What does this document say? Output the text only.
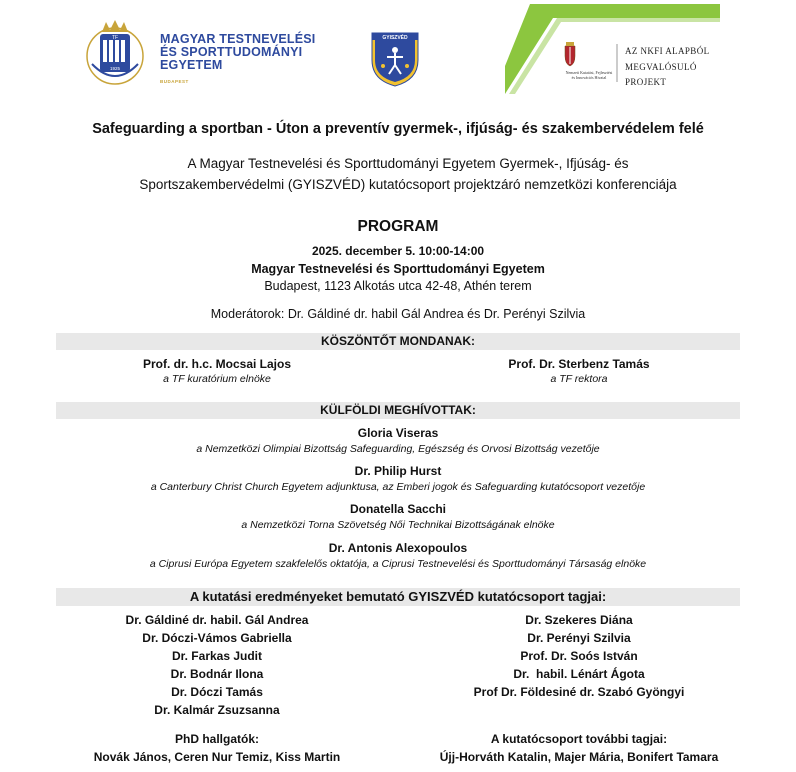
TF
1925
MAGYAR TESTNEVELÉSI
ÉS SPORTTUDOMÁNYI
EGYETEM
BUDAPEST
GYISZVÉD
Nemzeti Kutatási, Fejlesztési
és Innovációs Hivatal
AZ NKFI ALAPBÓL
MEGVALÓSULÓ
PROJEKT
Safeguarding a sportban - Úton a preventív gyermek-, ifjúság- és szakembervédelem felé
A Magyar Testnevelési és Sporttudományi Egyetem Gyermek-, Ifjúság- és
Sportszakembervédelmi (GYISZVÉD) kutatócsoport projektzáró nemzetközi konferenciája
PROGRAM
2025. december 5. 10:00-14:00
Magyar Testnevelési és Sporttudományi Egyetem
Budapest, 1123 Alkotás utca 42-48, Athén terem
Moderátorok: Dr. Gáldiné dr. habil Gál Andrea és Dr. Perényi Szilvia
KÖSZÖNTŐT MONDANAK:
Prof. dr. h.c. Mocsai Lajos
a TF kuratórium elnöke
Prof. Dr. Sterbenz Tamás
a TF rektora
KÜLFÖLDI MEGHÍVOTTAK:
Gloria Viseras
a Nemzetközi Olimpiai Bizottság Safeguarding, Egészség és Orvosi Bizottság vezetője
Dr. Philip Hurst
a Canterbury Christ Church Egyetem adjunktusa, az Emberi jogok és Safeguarding kutatócsoport vezetője
Donatella Sacchi
a Nemzetközi Torna Szövetség Női Technikai Bizottságának elnöke
Dr. Antonis Alexopoulos
a Ciprusi Európa Egyetem szakfelelős oktatója, a Ciprusi Testnevelési és Sporttudományi Társaság elnöke
A kutatási eredményeket bemutató GYISZVÉD kutatócsoport tagjai:
Dr. Gáldiné dr. habil. Gál Andrea
Dr. Dóczi-Vámos Gabriella
Dr. Farkas Judit
Dr. Bodnár Ilona
Dr. Dóczi Tamás
Dr. Kalmár Zsuzsanna
Dr. Szekeres Diána
Dr. Perényi Szilvia
Prof. Dr. Soós István
Dr.  habil. Lénárt Ágota
Prof Dr. Földesiné dr. Szabó Gyöngyi
PhD hallgatók:
Novák János, Ceren Nur Temiz, Kiss Martin
A kutatócsoport további tagjai:
Újj-Horváth Katalin, Majer Mária, Bonifert Tamara
